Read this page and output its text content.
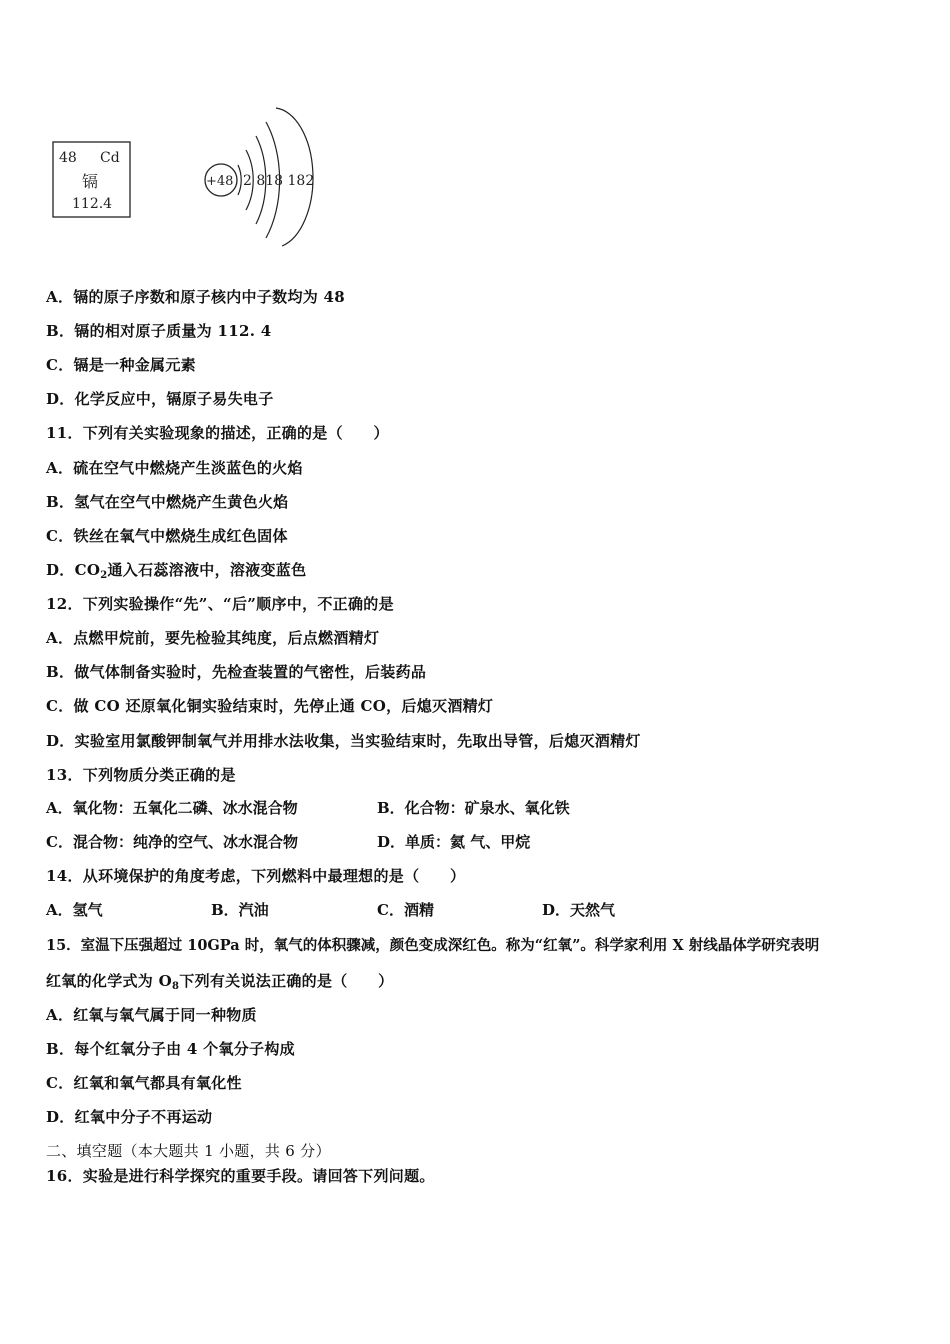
48 Cd
镉
112.4
+48 2 818 182
A．镉的原子序数和原子核内中子数均为 48
B．镉的相对原子质量为 112. 4
C．镉是一种金属元素
D．化学反应中，镉原子易失电子
11．下列有关实验现象的描述，正确的是（　　）
A．硫在空气中燃烧产生淡蓝色的火焰
B．氢气在空气中燃烧产生黄色火焰
C．铁丝在氧气中燃烧生成红色固体
D．$CO_2$通入石蕊溶液中，溶液变蓝色
12．下列实验操作“先”、“后”顺序中，不正确的是
A．点燃甲烷前，要先检验其纯度，后点燃酒精灯
B．做气体制备实验时，先检查装置的气密性，后装药品
C．做 CO 还原氧化铜实验结束时，先停止通 CO，后熄灭酒精灯
D．实验室用氯酸钾制氧气并用排水法收集，当实验结束时，先取出导管，后熄灭酒精灯
13．下列物质分类正确的是
A．氧化物：五氧化二磷、冰水混合物	B．化合物：矿泉水、氧化铁
C．混合物：纯净的空气、冰水混合物	D．单质：氦 气、甲烷
14．从环境保护的角度考虑，下列燃料中最理想的是（　　）
A．氢气	B．汽油	C．酒精	D．天然气
15．室温下压强超过 10GPa 时，氧气的体积骤减，颜色变成深红色。称为“红氧”。科学家利用 X 射线晶体学研究表明
红氧的化学式为 $O_8$下列有关说法正确的是（　　）
A．红氧与氧气属于同一种物质
B．每个红氧分子由 4 个氧分子构成
C．红氧和氧气都具有氧化性
D．红氧中分子不再运动
二、填空题（本大题共 1 小题，共 6 分）
16．实验是进行科学探究的重要手段。请回答下列问题。
